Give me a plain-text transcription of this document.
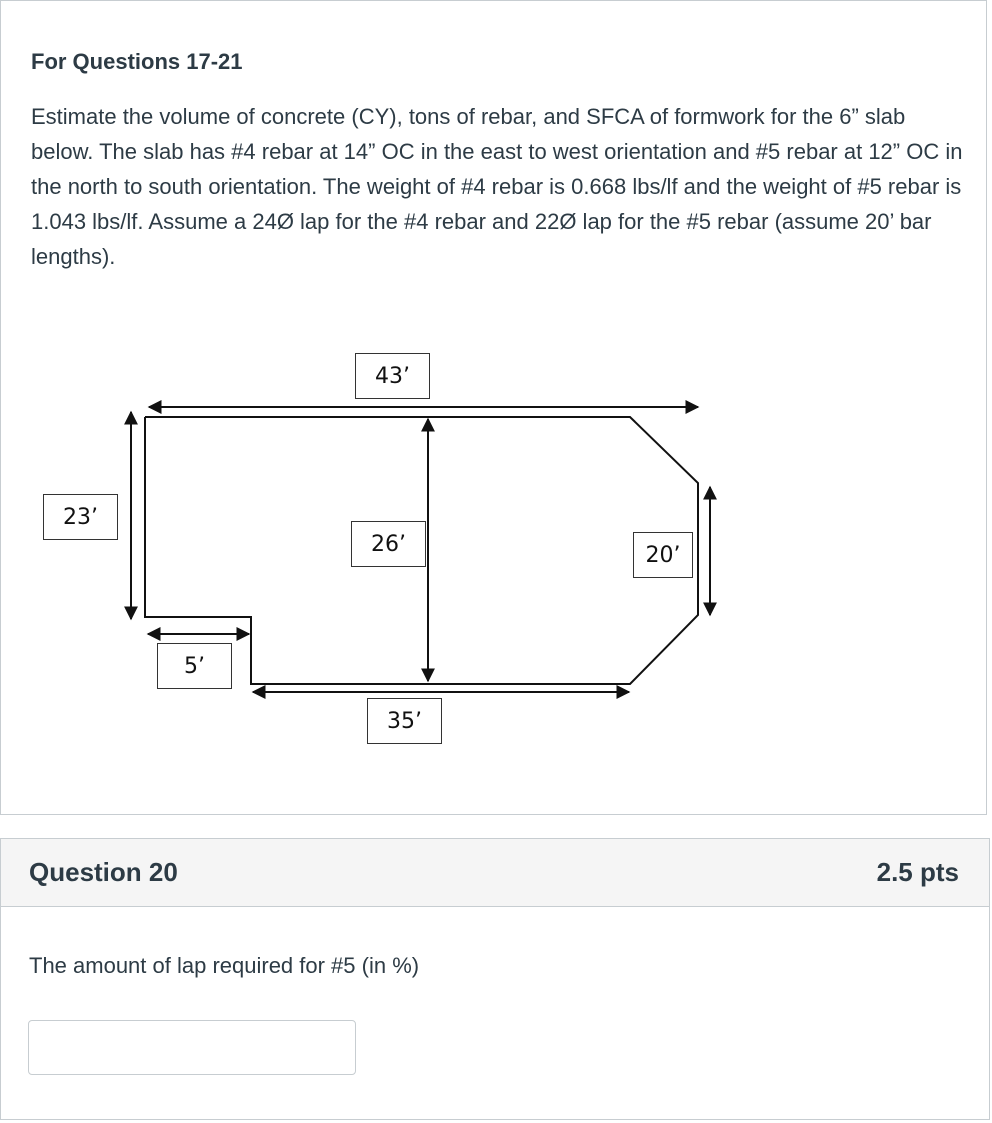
For Questions 17-21
Estimate the volume of concrete (CY), tons of rebar, and SFCA of formwork for the 6” slab below. The slab has #4 rebar at 14” OC in the east to west orientation and #5 rebar at 12” OC in the north to south orientation. The weight of #4 rebar is 0.668 lbs/lf and the weight of #5 rebar is 1.043 lbs/lf. Assume a 24Ø lap for the #4 rebar and 22Ø lap for the #5 rebar (assume 20’ bar lengths).
43’
23’
26’	20’
5’
35’
Question 20	2.5 pts
The amount of lap required for #5 (in %)
